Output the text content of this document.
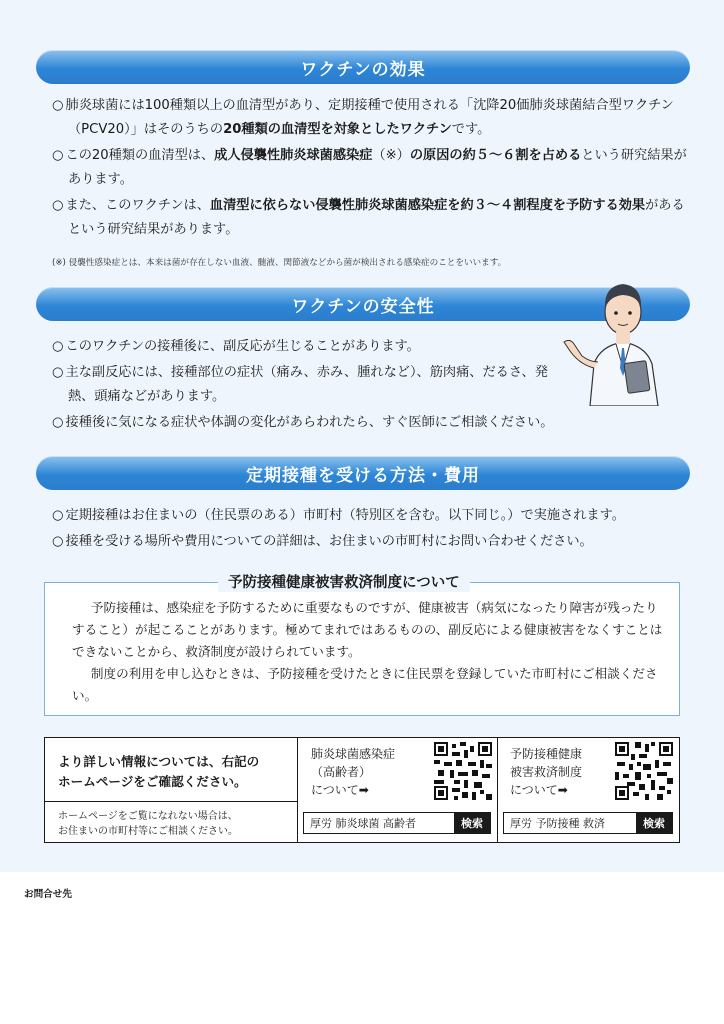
ワクチンの効果
○ 肺炎球菌には100種類以上の血清型があり、定期接種で使用される「沈降20価肺炎球菌結合型ワクチン（PCV20）」はそのうちの20種類の血清型を対象としたワクチンです。
○ この20種類の血清型は、成人侵襲性肺炎球菌感染症（※）の原因の約５～６割を占めるという研究結果があります。
○ また、このワクチンは、血清型に依らない侵襲性肺炎球菌感染症を約３～４割程度を予防する効果があるという研究結果があります。
(※) 侵襲性感染症とは、本来は菌が存在しない血液、髄液、関節液などから菌が検出される感染症のことをいいます。
ワクチンの安全性
○ このワクチンの接種後に、副反応が生じることがあります。
○ 主な副反応には、接種部位の症状（痛み、赤み、腫れなど）、筋肉痛、だるさ、発熱、頭痛などがあります。
○ 接種後に気になる症状や体調の変化があらわれたら、すぐ医師にご相談ください。
定期接種を受ける方法・費用
○ 定期接種はお住まいの（住民票のある）市町村（特別区を含む。以下同じ。）で実施されます。
○ 接種を受ける場所や費用についての詳細は、お住まいの市町村にお問い合わせください。
予防接種健康被害救済制度について

予防接種は、感染症を予防するために重要なものですが、健康被害（病気になったり障害が残ったりすること）が起こることがあります。極めてまれではあるものの、副反応による健康被害をなくすことはできないことから、救済制度が設けられています。

制度の利用を申し込むときは、予防接種を受けたときに住民票を登録していた市町村にご相談ください。

より詳しい情報については、右記の
ホームページをご確認ください。
ホームページをご覧になれない場合は、
お住まいの市町村等にご相談ください。
肺炎球菌感染症
（高齢者）
について➡
厚労 肺炎球菌 高齢者	検索
予防接種健康
被害救済制度
について➡
厚労 予防接種 救済	検索
お問合せ先
